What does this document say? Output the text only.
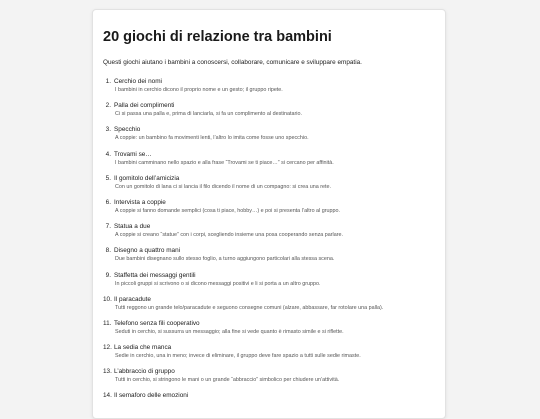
20 giochi di relazione tra bambini

Questi giochi aiutano i bambini a conoscersi, collaborare, comunicare e sviluppare empatia.

1. Cerchio dei nomi
I bambini in cerchio dicono il proprio nome e un gesto; il gruppo ripete.
2. Palla dei complimenti
Ci si passa una palla e, prima di lanciarla, si fa un complimento al destinatario.
3. Specchio
A coppie: un bambino fa movimenti lenti, l’altro lo imita come fosse uno specchio.
4. Trovami se…
I bambini camminano nello spazio e alla frase “Trovami se ti piace…” si cercano per affinità.
5. Il gomitolo dell’amicizia
Con un gomitolo di lana ci si lancia il filo dicendo il nome di un compagno: si crea una rete.
6. Intervista a coppie
A coppie si fanno domande semplici (cosa ti piace, hobby…) e poi si presenta l’altro al gruppo.
7. Statua a due
A coppie si creano “statue” con i corpi, scegliendo insieme una posa cooperando senza parlare.
8. Disegno a quattro mani
Due bambini disegnano sullo stesso foglio, a turno aggiungono particolari alla stessa scena.
9. Staffetta dei messaggi gentili
In piccoli gruppi si scrivono o si dicono messaggi positivi e li si porta a un altro gruppo.
10. Il paracadute
Tutti reggono un grande telo/paracadute e seguono consegne comuni (alzare, abbassare, far rotolare una palla).
11. Telefono senza fili cooperativo
Seduti in cerchio, si sussurra un messaggio; alla fine si vede quanto è rimasto simile e si riflette.
12. La sedia che manca
Sedie in cerchio, una in meno; invece di eliminare, il gruppo deve fare spazio a tutti sulle sedie rimaste.
13. L’abbraccio di gruppo
Tutti in cerchio, si stringono le mani o un grande “abbraccio” simbolico per chiudere un’attività.
14. Il semaforo delle emozioni
